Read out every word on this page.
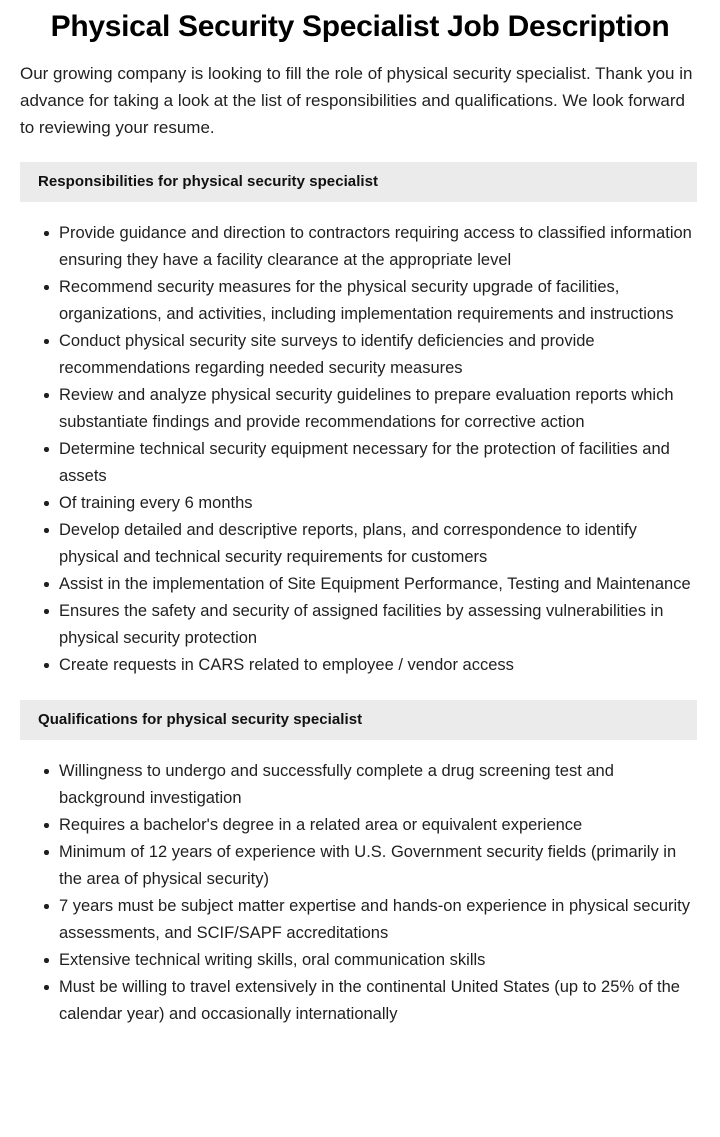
Physical Security Specialist Job Description

Our growing company is looking to fill the role of physical security specialist. Thank you in advance for taking a look at the list of responsibilities and qualifications. We look forward to reviewing your resume.

Responsibilities for physical security specialist
Provide guidance and direction to contractors requiring access to classified information ensuring they have a facility clearance at the appropriate level
Recommend security measures for the physical security upgrade of facilities, organizations, and activities, including implementation requirements and instructions
Conduct physical security site surveys to identify deficiencies and provide recommendations regarding needed security measures
Review and analyze physical security guidelines to prepare evaluation reports which substantiate findings and provide recommendations for corrective action
Determine technical security equipment necessary for the protection of facilities and assets
Of training every 6 months
Develop detailed and descriptive reports, plans, and correspondence to identify physical and technical security requirements for customers
Assist in the implementation of Site Equipment Performance, Testing and Maintenance
Ensures the safety and security of assigned facilities by assessing vulnerabilities in physical security protection
Create requests in CARS related to employee / vendor access
Qualifications for physical security specialist
Willingness to undergo and successfully complete a drug screening test and background investigation
Requires a bachelor's degree in a related area or equivalent experience
Minimum of 12 years of experience with U.S. Government security fields (primarily in the area of physical security)
7 years must be subject matter expertise and hands-on experience in physical security assessments, and SCIF/SAPF accreditations
Extensive technical writing skills, oral communication skills
Must be willing to travel extensively in the continental United States (up to 25% of the calendar year) and occasionally internationally
